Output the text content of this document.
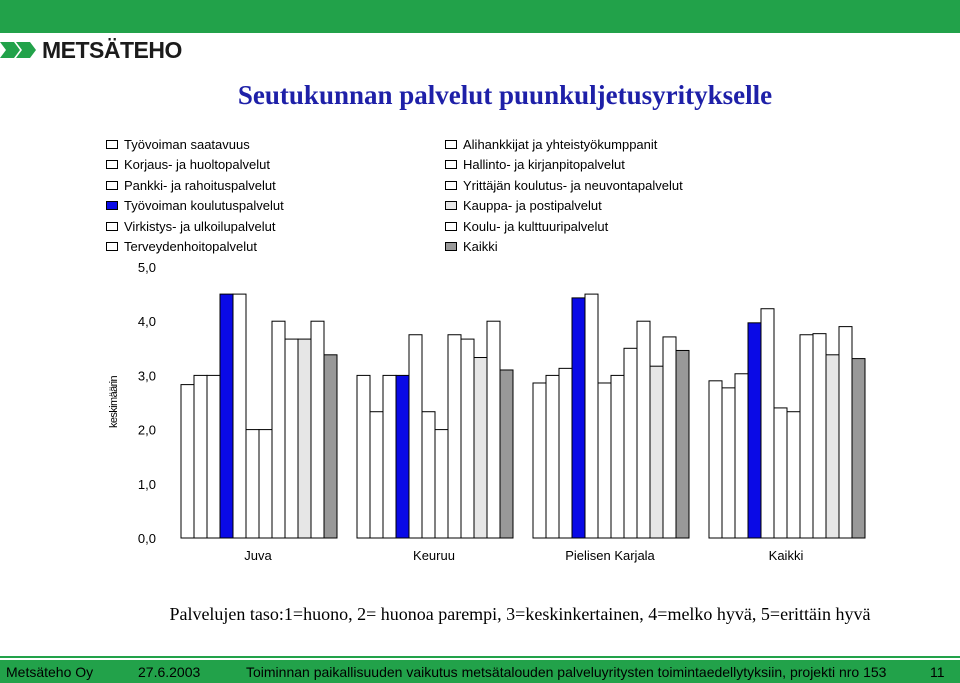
METSÄTEHO
Seutukunnan palvelut puunkuljetusyritykselle
Työvoiman saatavuus
Korjaus- ja huoltopalvelut
Pankki- ja rahoituspalvelut
Työvoiman koulutuspalvelut
Virkistys- ja ulkoilupalvelut
Terveydenhoitopalvelut
Alihankkijat ja yhteistyökumppanit
Hallinto- ja kirjanpitopalvelut
Yrittäjän koulutus- ja neuvontapalvelut
Kauppa- ja postipalvelut
Koulu- ja kulttuuripalvelut
Kaikki
0,0
1,0
2,0
3,0
4,0
5,0
keskimäärin
Juva	Keuruu	Pielisen Karjala	Kaikki
Palvelujen taso:1=huono, 2= huonoa parempi, 3=keskinkertainen, 4=melko hyvä, 5=erittäin hyvä
Tuloskalvosarja
Metsäteho Oy	27.6.2003	Toiminnan paikallisuuden vaikutus metsätalouden palveluyritysten toimintaedellytyksiin, projekti nro 153	11
